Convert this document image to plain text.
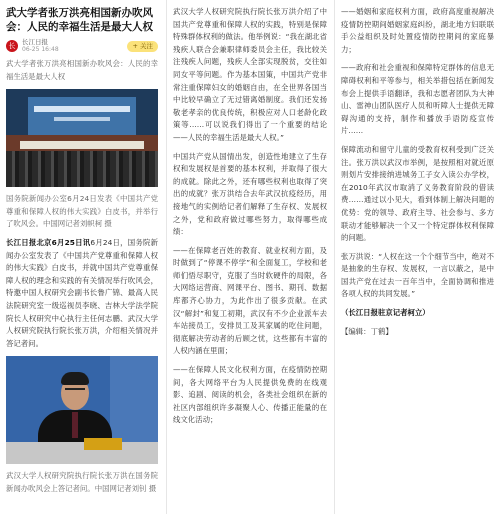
武大学者张万洪亮相国新办吹风会：人民的幸福生活是最大人权
长	长江日报
06-25 16:48	+ 关注

武大学者张万洪亮相国新办吹风会：人民的幸福生活是最大人权

国务院新闻办公室6月24日发表《中国共产党尊重和保障人权的伟大实践》白皮书，并举行了吹风会。中国网记者刘帜柯 摄

长江日报北京6月25日讯6月24日，国务院新闻办公室发表了《中国共产党尊重和保障人权的伟大实践》白皮书，并就中国共产党尊重保障人权的理念和实践的有关情况举行吹风会，特邀中国人权研究会副书长鲁广锦、最高人民法院研究室一级巡视员李晓、吉林大学法学院院长人权研究中心执行主任何志鹏、武汉大学人权研究院执行院长张万洪，介绍相关情况并答记者问。

武汉大学人权研究院执行院长张万洪在国务院新闻办吹风会上答记者问。中国网记者刘钊 摄

武汉大学人权研究院执行院长张万洪介绍了中国共产党尊重和保障人权的实践，特别是保障特殊群体权利的做法。他举例说：“我在湖北省残疾人联合会兼职律师委员会主任，我比较关注残疾人问题，残疾人全部实现脱贫，交往如同女平等问题。作为基本国策，中国共产党非常注重保障妇女的婚姻自由，在全世界各国当中比较早确立了无过错离婚制度。我们还发扬敬老孝亲的优良传统，积极应对人口老龄化政策等……可以说我们得出了一个重要的结论——人民的幸福生活是最大人权。”

中国共产党从国情出发，创造性地建立了生存权和发展权是首要的基本权利，并取得了很大的成就。除此之外，还有哪些权利也取得了突出的成就？张万洪结合去年武汉抗疫经历，用接地气的实例给记者们解释了生存权、发展权之外，党和政府做过哪些努力，取得哪些成绩：

——在保障老百姓的教育、就业权利方面，及时做到了“停课不停学”和全面复工，学校和老师们悟尽职守，克服了当时软硬件的局限，各大网络运营商、网课平台、图书、期刊、数据库都齐心协力，为此作出了很多贡献。在武汉“解封”和复工初期，武汉有不少企业派车去车站接员工，安排员工及其家属的吃住问题，彻底解决劳动者的后顾之忧，这些都有丰富的人权内涵在里面；

——在保障人民文化权利方面，在疫情防控期间，各大网络平台为人民提供免费的在线观影、追剧、阅读的机会，各类社会组织在新的社区内部组织许多凝聚人心、传播正能量的在线文化活动；

——婚姻和家庭权利方面，政府高度重视解决疫情防控期间婚姻家庭纠纷，湖北地方妇联联手公益组织及时处置疫情防控期间的家庭暴力；

——政府和社会重视和保障特定群体的信息无障碍权利和平等参与，相关举措包括在新闻发布会上提供手语翻译，我和志愿者团队为大神山、雷神山团队医疗人员和听障人士提供无障碍沟通的支持，制作和播放手语防疫宣传片……

保障流动和留守儿童的受教育权利受到广泛关注。张万洪以武汉市举例，是按照相对就近原则划片安排接纳进城务工子女入读公办学校，在2010年武汉市取消了义务教育阶段的借读费……通过以小见大，看到体制上解决问题的优势：党的领导、政府主导、社会参与、多方联动才能够解决一个又一个特定群体权利保障的问题。

张万洪说：“人权在这一个个细节当中，绝对不是抽象的生存权、发展权，一言以蔽之，是中国共产党在过去一百年当中，全面协调和推进各项人权的共同发展。”

（长江日报驻京记者柯立）

【编辑：丁鹤】
